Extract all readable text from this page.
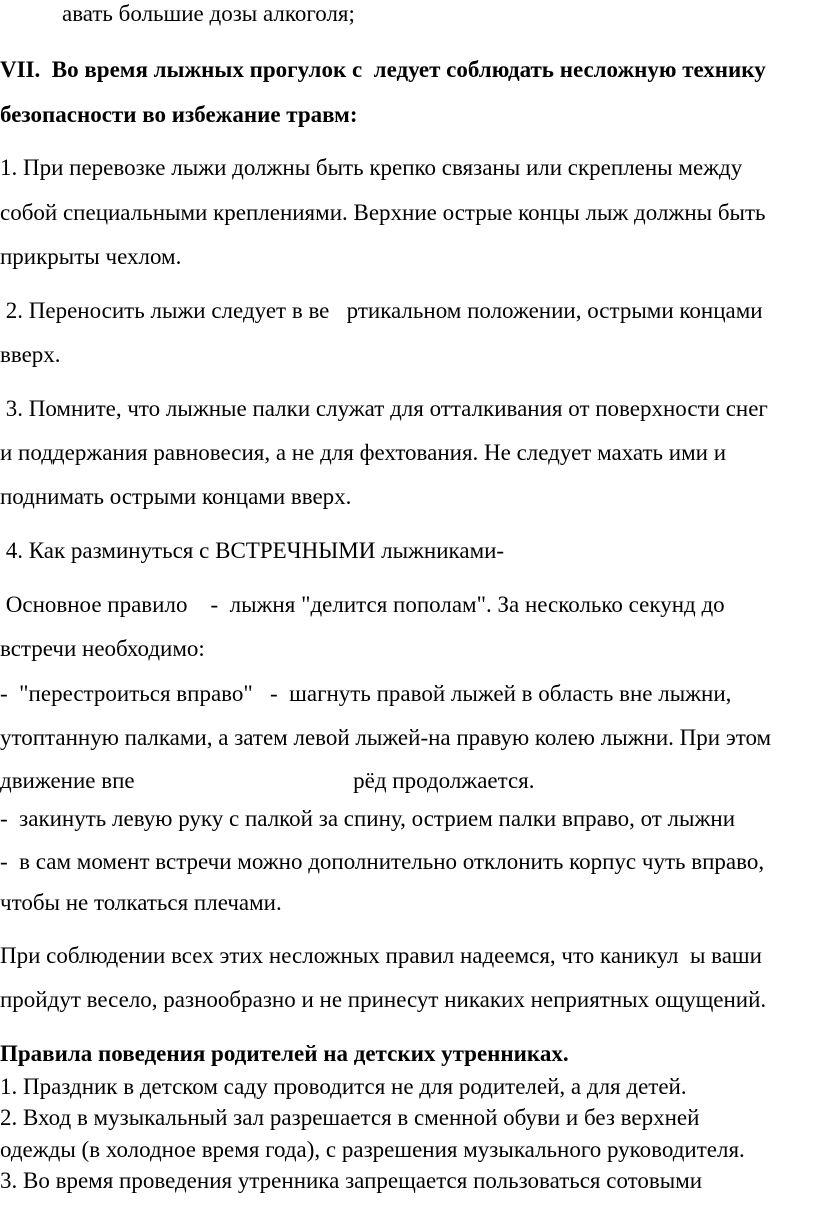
авать большие дозы алкоголя;
VII.  Во время лыжных прогулок с  ледует соблюдать несложную технику
безопасности во избежание травм:
1. При перевозке лыжи должны быть крепко связаны или скреплены между
собой специальными креплениями. Верхние острые концы лыж должны быть
прикрыты чехлом.
2. Переносить лыжи следует в ве   ртикальном положении, острыми концами
вверх.
3. Помните, что лыжные палки служат для отталкивания от поверхности снег
и поддержания равновесия, а не для фехтования. Не следует махать ими и
поднимать острыми концами вверх.
4. Как разминуться с ВСТРЕЧНЫМИ лыжниками-
Основное правило    -  лыжня "делится пополам". За несколько секунд до
встречи необходимо:
-  "перестроиться вправо"   -  шагнуть правой лыжей в область вне лыжни,
утоптанную палками, а затем левой лыжей-на правую колею лыжни. При этом
движение впе                                      рёд продолжается.
-  закинуть левую руку с палкой за спину, острием палки вправо, от лыжни
-  в сам момент встречи можно дополнительно отклонить корпус чуть вправо,
чтобы не толкаться плечами.
При соблюдении всех этих несложных правил надеемся, что каникул  ы ваши
пройдут весело, разнообразно и не принесут никаких неприятных ощущений.
Правила поведения родителей на детских утренниках.
1. Праздник в детском саду проводится не для родителей, а для детей.
2. Вход в музыкальный зал разрешается в сменной обуви и без верхней
одежды (в холодное время года), с разрешения музыкального руководителя.
3. Во время проведения утренника запрещается пользоваться сотовыми
